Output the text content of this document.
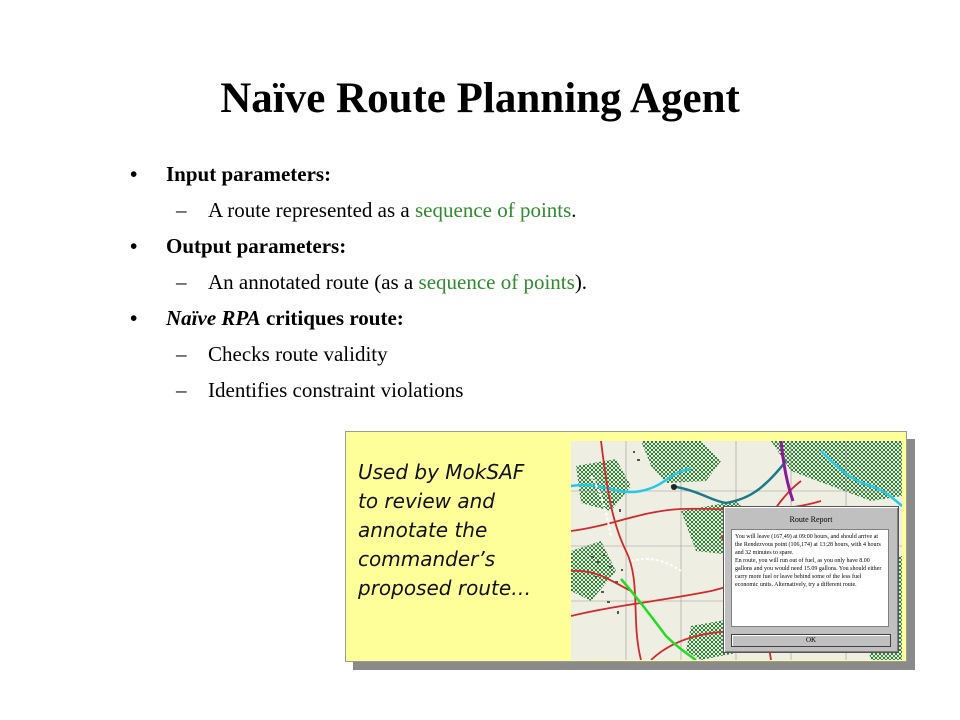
Naïve Route Planning Agent
• Input parameters:
– A route represented as a sequence of points.
• Output parameters:
– An annotated route (as a sequence of points).
• Naïve RPA critiques route:
– Checks route validity
– Identifies constraint violations
Used by MokSAF
to review and
annotate the
commander’s
proposed route…
Route Report

You will leave (167,49) at 09:00 hours, and should arrive at the Rendezvous point (106,174) at 13:28 hours, with 4 hours and 32 minutes to spare.

En route, you will run out of fuel, as you only have 8.00 gallons and you would need 15.09 gallons. You should either carry more fuel or leave behind some of the less fuel economic units. Alternatively, try a different route.

OK
